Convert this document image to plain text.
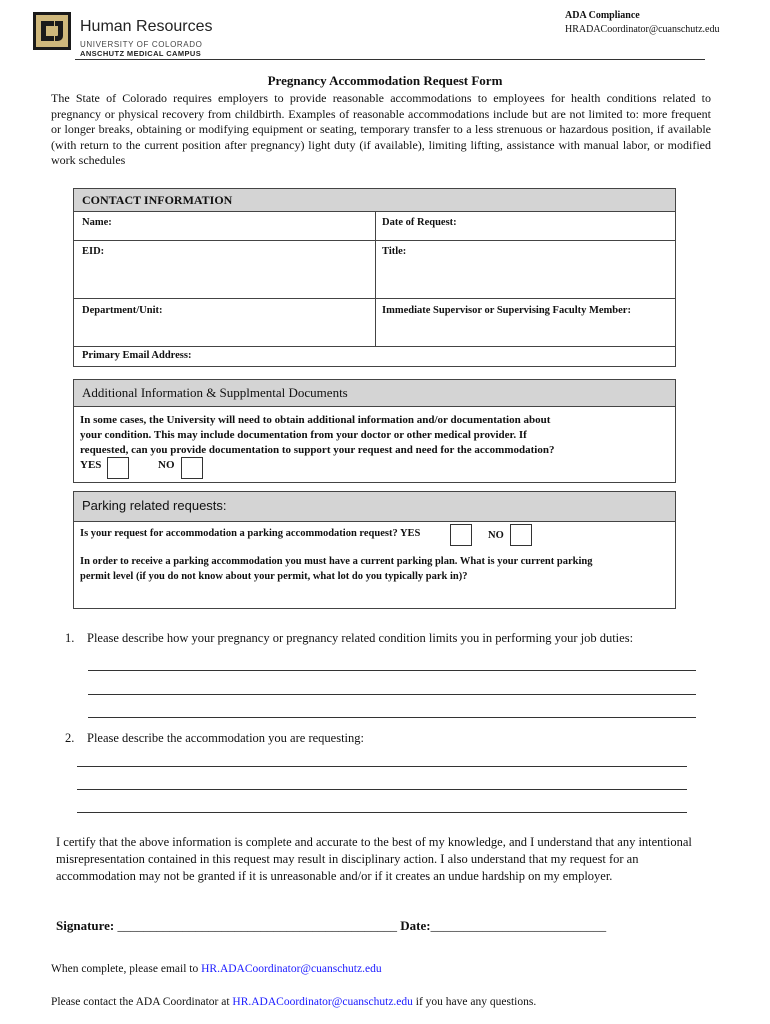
Human Resources
UNIVERSITY OF COLORADO
ANSCHUTZ MEDICAL CAMPUS
ADA Compliance
HRADACoordinator@cuanschutz.edu
Pregnancy Accommodation Request Form
The State of Colorado requires employers to provide reasonable accommodations to employees for health conditions related to pregnancy or physical recovery from childbirth. Examples of reasonable accommodations include but are not limited to: more frequent or longer breaks, obtaining or modifying equipment or seating, temporary transfer to a less strenuous or hazardous position, if available (with return to the current position after pregnancy) light duty (if available), limiting lifting, assistance with manual labor, or modified work schedules
CONTACT INFORMATION
Name:	Date of Request:
EID:	Title:
Department/Unit:	Immediate Supervisor or Supervising Faculty Member:
Primary Email Address:
Additional Information & Supplmental Documents
In some cases, the University will need to obtain additional information and/or documentation about
your condition. This may include documentation from your doctor or other medical provider. If
requested, can you provide documentation to support your request and need for the accommodation?
YES	NO
Parking related requests:
Is your request for accommodation a parking accommodation request? YES	NO
In order to receive a parking accommodation you must have a current parking plan. What is your current parking
permit level (if you do not know about your permit, what lot do you typically park in)?
1. Please describe how your pregnancy or pregnancy related condition limits you in performing your job duties:
2. Please describe the accommodation you are requesting:
I certify that the above information is complete and accurate to the best of my knowledge, and I understand that any intentional misrepresentation contained in this request may result in disciplinary action. I also understand that my request for an accommodation may not be granted if it is unreasonable and/or if it creates an undue hardship on my employer.
Signature: ___________________________________________ Date:___________________________
When complete, please email to HR.ADACoordinator@cuanschutz.edu
Please contact the ADA Coordinator at HR.ADACoordinator@cuanschutz.edu if you have any questions.
